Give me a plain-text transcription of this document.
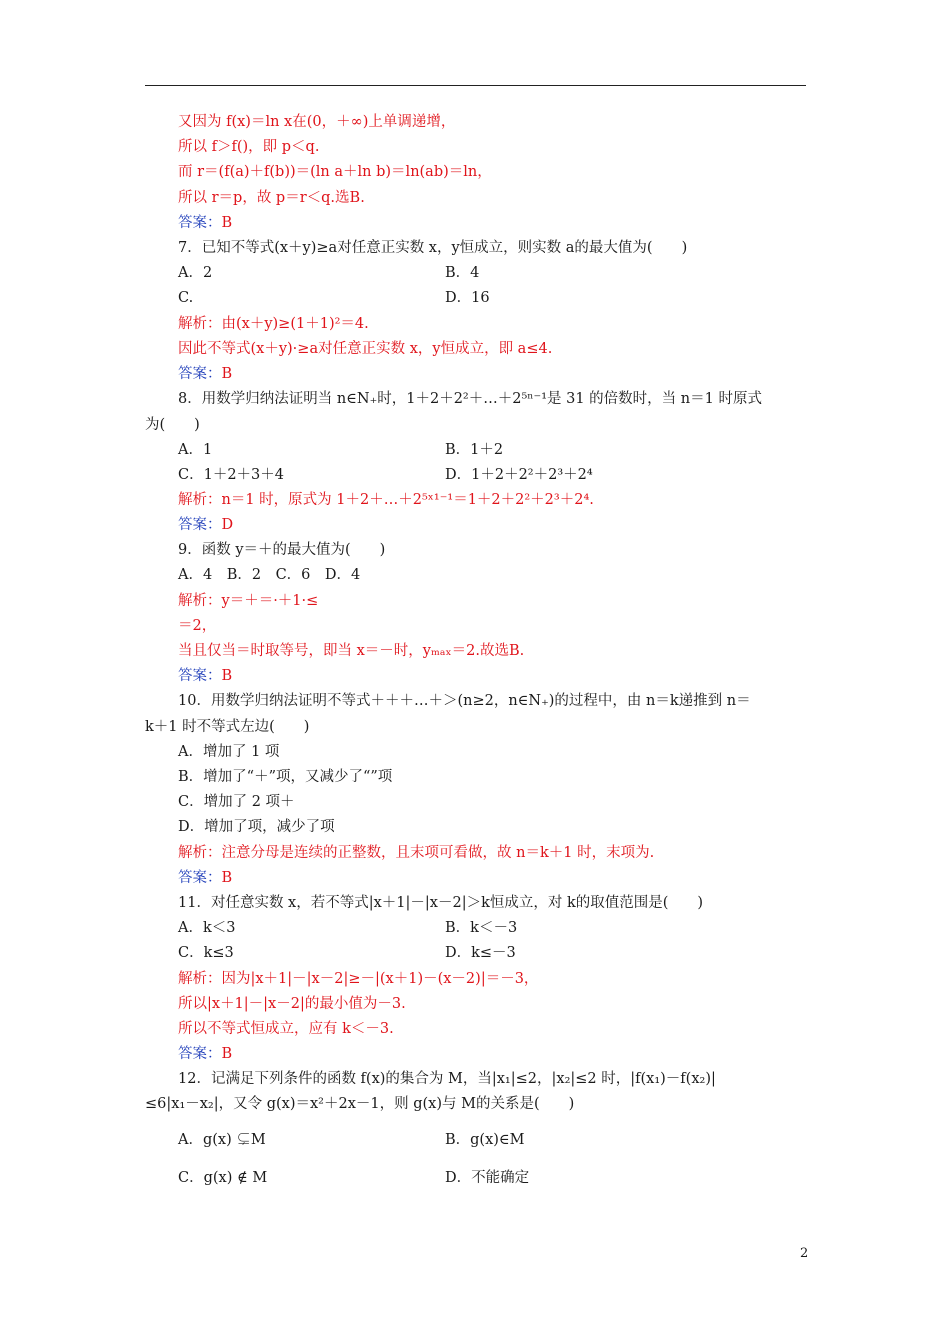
又因为 f(x)＝ln x在(0，＋∞)上单调递增，
所以 f＞f()，即 p＜q.
而 r＝(f(a)＋f(b))＝(ln a＋ln b)＝ln(ab)＝ln，
所以 r＝p，故 p＝r＜q.选B.
7．已知不等式(x＋y)≥a对任意正实数 x，y恒成立，则实数 a的最大值为(　　)
解析：由(x＋y)≥(1＋1)²＝4.
因此不等式(x＋y)·≥a对任意正实数 x，y恒成立，即 a≤4.
8．用数学归纳法证明当 n∈N₊时，1＋2＋2²＋…＋2⁵ⁿ⁻¹是 31 的倍数时，当 n＝1 时原式
为(　　)
解析：n＝1 时，原式为 1＋2＋…＋2⁵ˣ¹⁻¹＝1＋2＋2²＋2³＋2⁴.
9．函数 y＝＋的最大值为(　　)
A．4　B．2　C．6　D．4
解析：y＝＋＝·＋1·≤
＝2，
当且仅当＝时取等号，即当 x＝－时，yₘₐₓ＝2.故选B.
10．用数学归纳法证明不等式＋＋＋…＋＞(n≥2，n∈N₊)的过程中，由 n＝k递推到 n＝
k＋1 时不等式左边(　　)
A．增加了 1 项
B．增加了“＋”项，又减少了“”项
C．增加了 2 项＋
D．增加了项，减少了项
解析：注意分母是连续的正整数，且末项可看做，故 n＝k＋1 时，末项为.
11．对任意实数 x，若不等式|x＋1|－|x－2|＞k恒成立，对 k的取值范围是(　　)
解析：因为|x＋1|－|x－2|≥－|(x＋1)－(x－2)|＝－3，
所以|x＋1|－|x－2|的最小值为－3.
所以不等式恒成立，应有 k＜－3.
12．记满足下列条件的函数 f(x)的集合为 M，当|x₁|≤2，|x₂|≤2 时，|f(x₁)－f(x₂)|
≤6|x₁－x₂|，又令 g(x)＝x²＋2x－1，则 g(x)与 M的关系是(　　)
答案：B
答案：B
答案：D
答案：B
答案：B
答案：B
A．2	B．4
C.	D．16
A．1	B．1＋2
C．1＋2＋3＋4	D．1＋2＋2²＋2³＋2⁴
A．k＜3	B．k＜－3
C．k≤3	D．k≤－3
A．g(x) ⊊M	B．g(x)∈M
C．g(x) ∉ M	D．不能确定
2
